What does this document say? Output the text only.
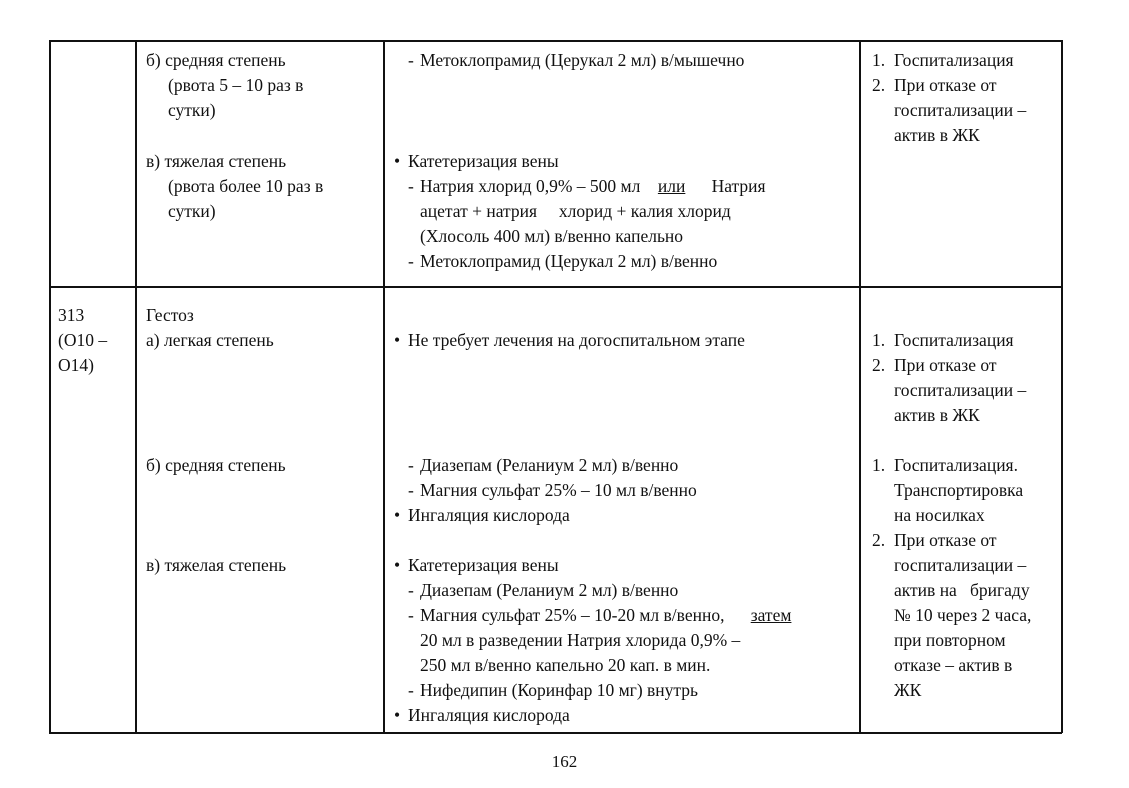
б) средняя степень
(рвота 5 – 10 раз в
сутки)
в) тяжелая степень
(рвота более 10 раз в
сутки)
- Метоклопрамид (Церукал 2 мл) в/мышечно
• Катетеризация вены
- Натрия хлорид 0,9% – 500 мл или Натрия
ацетат + натрия     хлорид + калия хлорид
(Хлосоль 400 мл) в/венно капельно
- Метоклопрамид (Церукал 2 мл) в/венно
1. Госпитализация
2. При отказе от
госпитализации –
актив в ЖК
313
(О10 –
О14)
Гестоз
а) легкая степень
б) средняя степень
в) тяжелая степень
• Не требует лечения на догоспитальном этапе
- Диазепам (Реланиум 2 мл) в/венно
- Магния сульфат 25% – 10 мл в/венно
• Ингаляция кислорода
• Катетеризация вены
- Диазепам (Реланиум 2 мл) в/венно
- Магния сульфат 25% – 10-20 мл в/венно, затем
20 мл в разведении Натрия хлорида 0,9% –
250 мл в/венно капельно 20 кап. в мин.
- Нифедипин (Коринфар 10 мг) внутрь
• Ингаляция кислорода
1. Госпитализация
2. При отказе от
госпитализации –
актив в ЖК
1. Госпитализация.
Транспортировка
на носилках
2. При отказе от
госпитализации –
актив на   бригаду
№ 10 через 2 часа,
при повторном
отказе – актив в
ЖК
162
